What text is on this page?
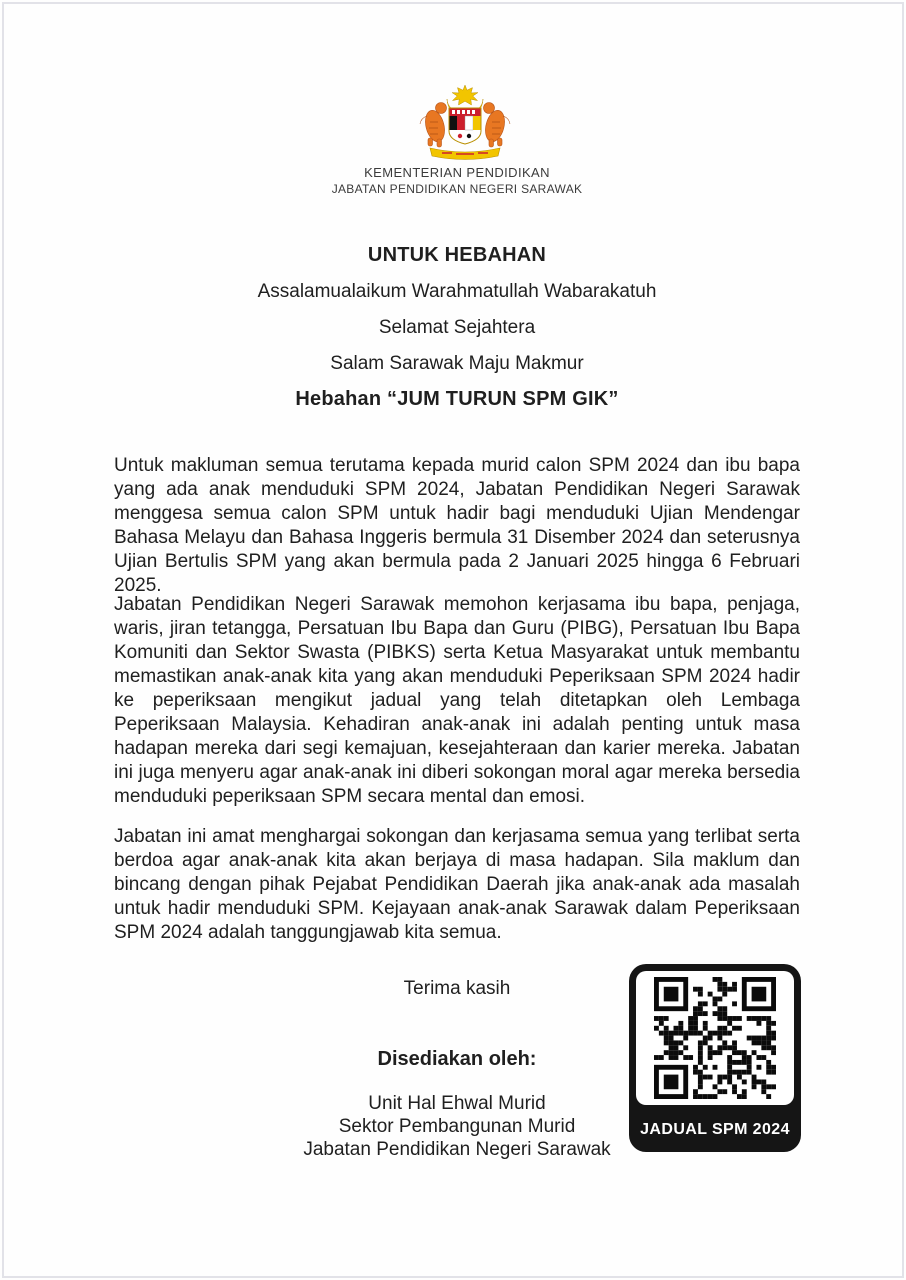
KEMENTERIAN PENDIDIKAN
JABATAN PENDIDIKAN NEGERI SARAWAK
UNTUK HEBAHAN
Assalamualaikum Warahmatullah Wabarakatuh
Selamat Sejahtera
Salam Sarawak Maju Makmur
Hebahan “JUM TURUN SPM GIK”

Untuk makluman semua terutama kepada murid calon SPM 2024 dan ibu bapa yang ada anak menduduki SPM 2024, Jabatan Pendidikan Negeri Sarawak menggesa semua calon SPM untuk hadir bagi menduduki Ujian Mendengar Bahasa Melayu dan Bahasa Inggeris bermula 31 Disember 2024 dan seterusnya Ujian Bertulis SPM yang akan bermula pada 2 Januari 2025 hingga 6 Februari 2025.

Jabatan Pendidikan Negeri Sarawak memohon kerjasama ibu bapa, penjaga, waris, jiran tetangga, Persatuan Ibu Bapa dan Guru (PIBG), Persatuan Ibu Bapa Komuniti dan Sektor Swasta (PIBKS) serta Ketua Masyarakat untuk membantu memastikan anak-anak kita yang akan menduduki Peperiksaan SPM 2024 hadir ke peperiksaan mengikut jadual yang telah ditetapkan oleh Lembaga Peperiksaan Malaysia. Kehadiran anak-anak ini adalah penting untuk masa hadapan mereka dari segi kemajuan, kesejahteraan dan karier mereka. Jabatan ini juga menyeru agar anak-anak ini diberi sokongan moral agar mereka bersedia menduduki peperiksaan SPM secara mental dan emosi.

Jabatan ini amat menghargai sokongan dan kerjasama semua yang terlibat serta berdoa agar anak-anak kita akan berjaya di masa hadapan. Sila maklum dan bincang dengan pihak Pejabat Pendidikan Daerah jika anak-anak ada masalah untuk hadir menduduki SPM. Kejayaan anak-anak Sarawak dalam Peperiksaan SPM 2024 adalah tanggungjawab kita semua.

Terima kasih
Disediakan oleh:
Unit Hal Ehwal Murid
Sektor Pembangunan Murid
Jabatan Pendidikan Negeri Sarawak
JADUAL SPM 2024
